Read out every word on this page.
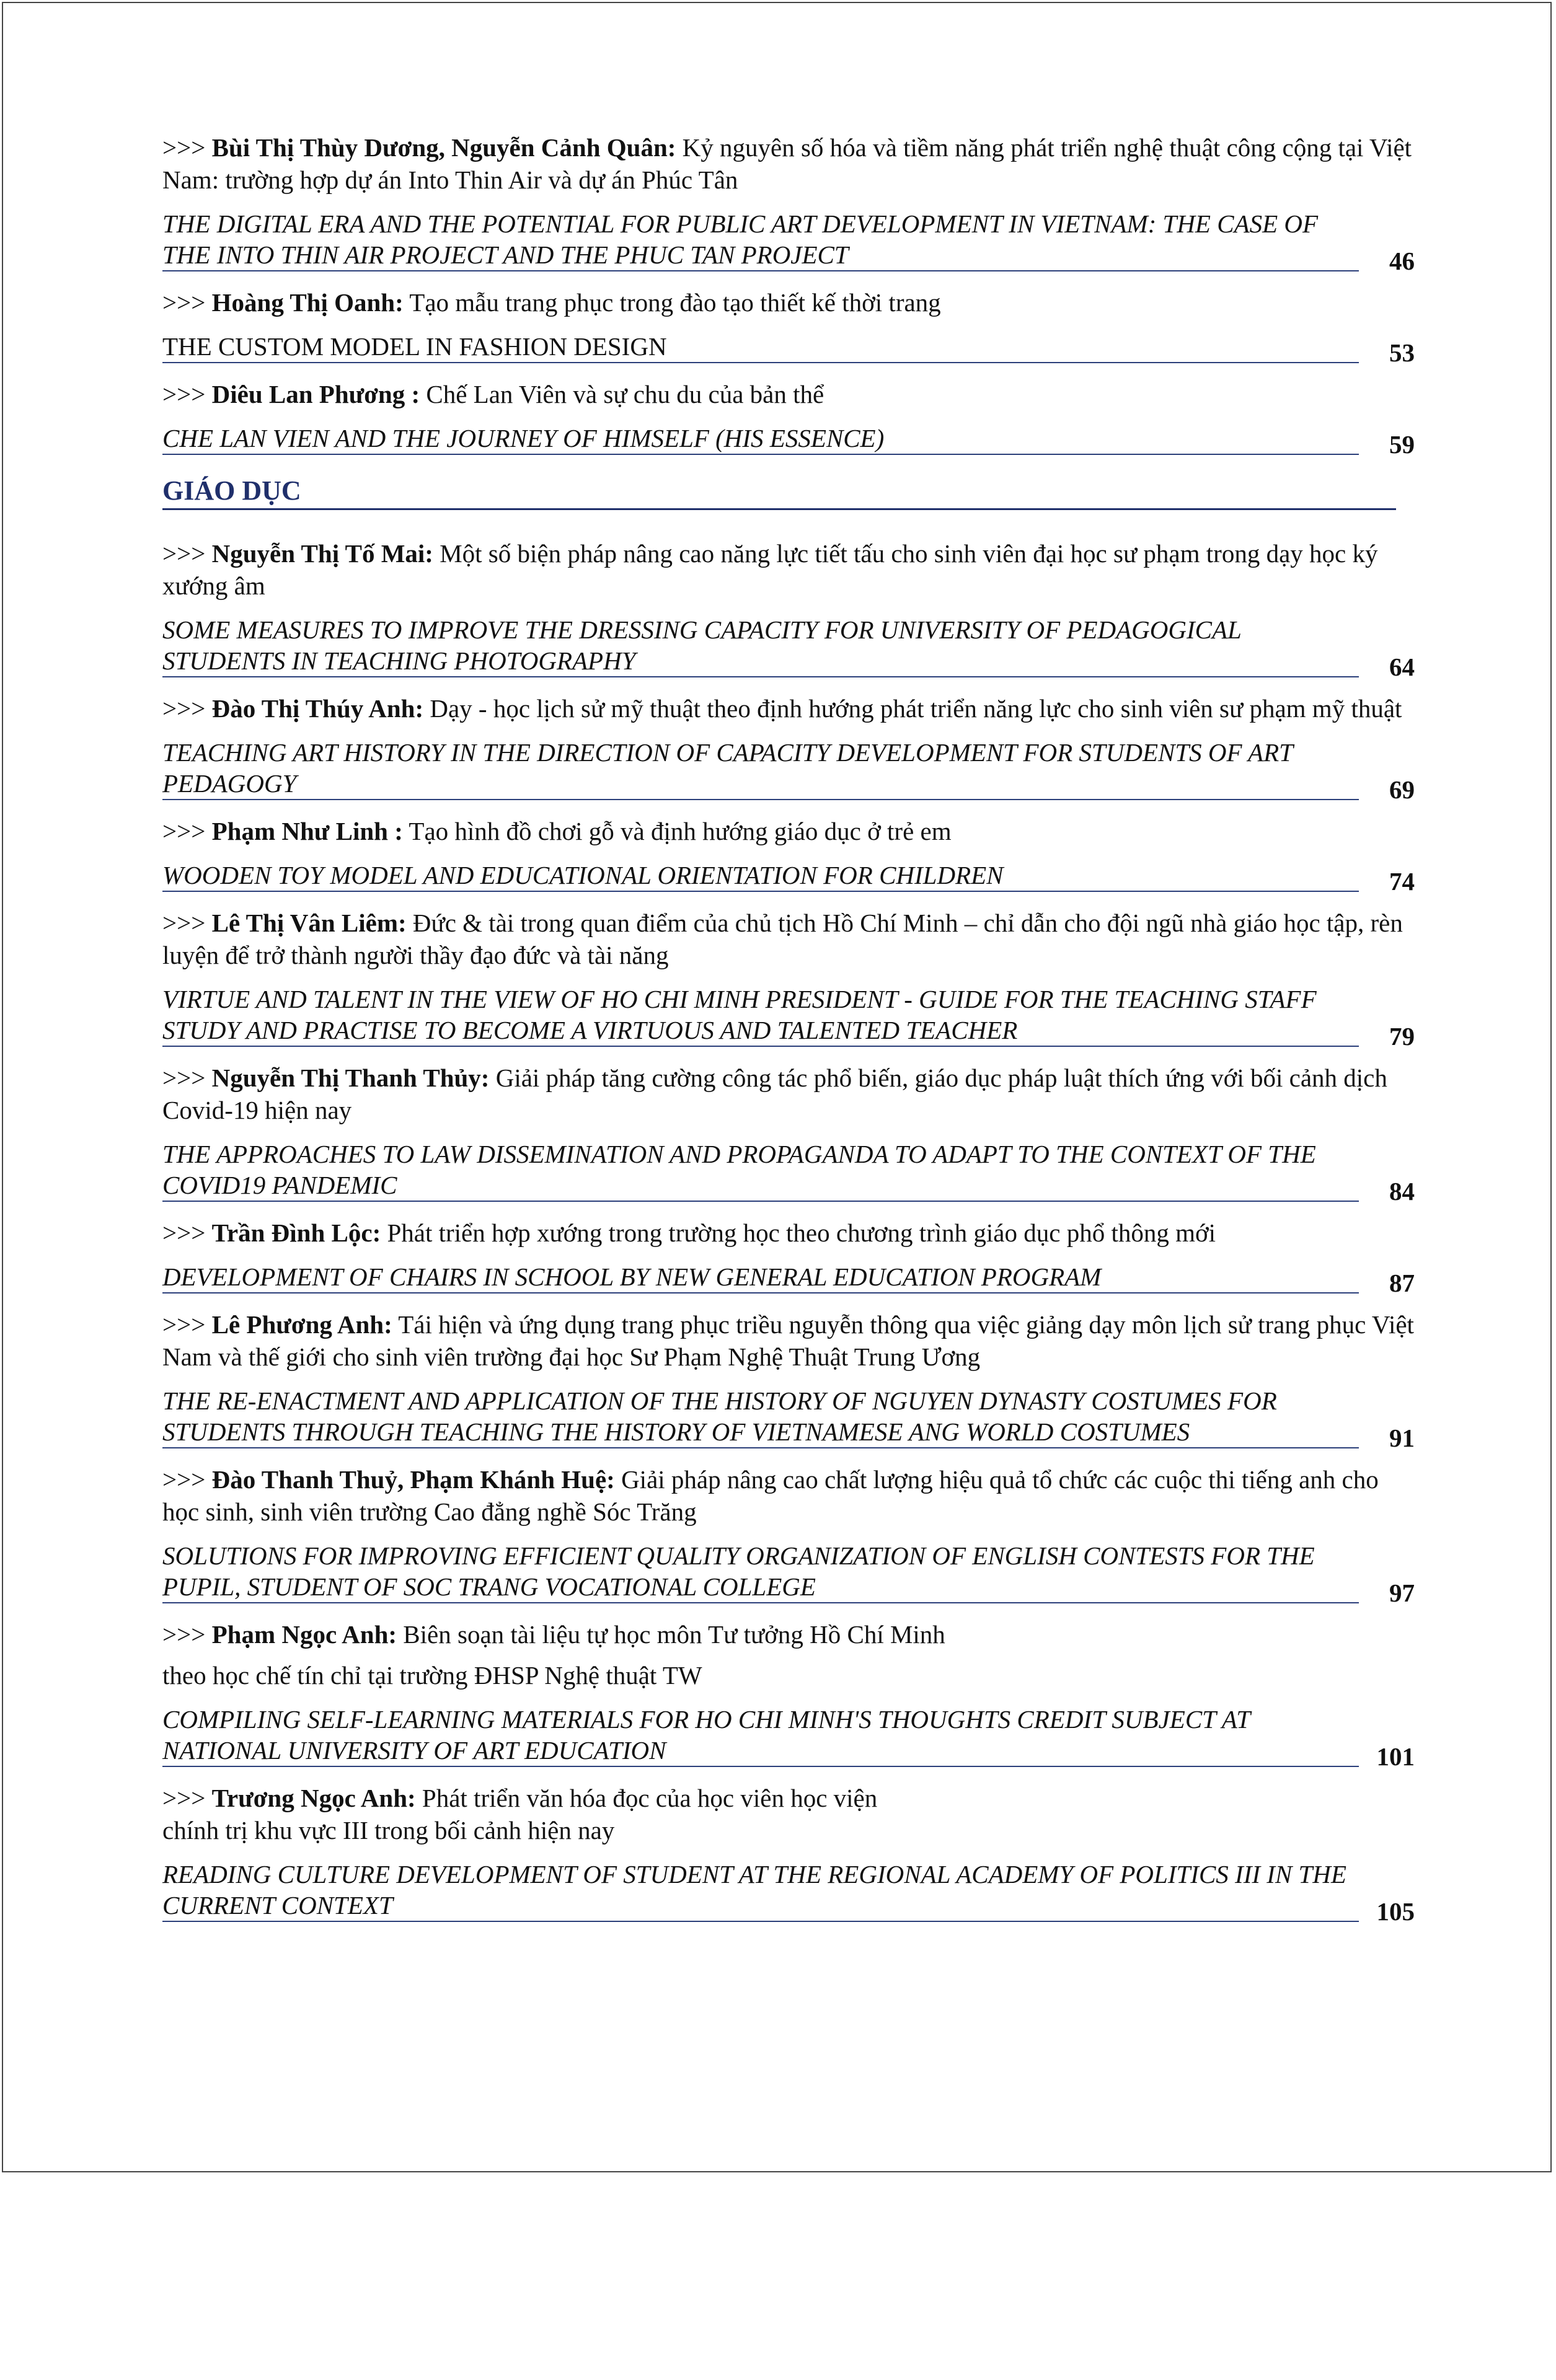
>>> Bùi Thị Thùy Dương, Nguyễn Cảnh Quân: Kỷ nguyên số hóa và tiềm năng phát triển nghệ thuật công cộng tại Việt Nam: trường hợp dự án Into Thin Air và dự án Phúc Tân

THE DIGITAL ERA AND THE POTENTIAL FOR PUBLIC ART DEVELOPMENT IN VIETNAM: THE CASE OF THE INTO THIN AIR PROJECT AND THE PHUC TAN PROJECT	46

>>> Hoàng Thị Oanh: Tạo mẫu trang phục trong đào tạo thiết kế thời trang

THE CUSTOM MODEL IN FASHION DESIGN	53

>>> Diêu Lan Phương : Chế Lan Viên và sự chu du của bản thể

CHE LAN VIEN AND THE JOURNEY OF HIMSELF (HIS ESSENCE)	59
GIÁO DỤC

>>> Nguyễn Thị Tố Mai: Một số biện pháp nâng cao năng lực tiết tấu cho sinh viên đại học sư phạm trong dạy học ký xướng âm

SOME MEASURES TO IMPROVE THE DRESSING CAPACITY FOR UNIVERSITY OF PEDAGOGICAL STUDENTS IN TEACHING PHOTOGRAPHY	64

>>> Đào Thị Thúy Anh: Dạy - học lịch sử mỹ thuật theo định hướng phát triển năng lực cho sinh viên sư phạm mỹ thuật

TEACHING ART HISTORY IN THE DIRECTION OF CAPACITY DEVELOPMENT FOR STUDENTS OF ART PEDAGOGY	69

>>> Phạm Như Linh : Tạo hình đồ chơi gỗ và định hướng giáo dục ở trẻ em

WOODEN TOY MODEL AND EDUCATIONAL ORIENTATION FOR CHILDREN	74

>>> Lê Thị Vân Liêm: Đức & tài trong quan điểm của chủ tịch Hồ Chí Minh – chỉ dẫn cho đội ngũ nhà giáo học tập, rèn luyện để trở thành người thầy đạo đức và tài năng

VIRTUE AND TALENT IN THE VIEW OF HO CHI MINH PRESIDENT - GUIDE FOR THE TEACHING STAFF STUDY AND PRACTISE TO BECOME A VIRTUOUS AND TALENTED TEACHER	79

>>> Nguyễn Thị Thanh Thủy: Giải pháp tăng cường công tác phổ biến, giáo dục pháp luật thích ứng với bối cảnh dịch Covid-19 hiện nay

THE APPROACHES TO LAW DISSEMINATION AND PROPAGANDA TO ADAPT TO THE CONTEXT OF THE COVID19 PANDEMIC	84

>>> Trần Đình Lộc: Phát triển hợp xướng trong trường học theo chương trình giáo dục phổ thông mới

DEVELOPMENT OF CHAIRS IN SCHOOL BY NEW GENERAL EDUCATION PROGRAM	87

>>> Lê Phương Anh: Tái hiện và ứng dụng trang phục triều nguyễn thông qua việc giảng dạy môn lịch sử trang phục Việt Nam và thế giới cho sinh viên trường đại học Sư Phạm Nghệ Thuật Trung Ương

THE RE-ENACTMENT AND APPLICATION OF THE HISTORY OF NGUYEN DYNASTY COSTUMES FOR STUDENTS THROUGH TEACHING THE HISTORY OF VIETNAMESE ANG WORLD COSTUMES	91

>>> Đào Thanh Thuỷ, Phạm Khánh Huệ: Giải pháp nâng cao chất lượng hiệu quả tổ chức các cuộc thi tiếng anh cho học sinh, sinh viên trường Cao đẳng nghề Sóc Trăng

SOLUTIONS FOR IMPROVING EFFICIENT QUALITY ORGANIZATION OF ENGLISH CONTESTS FOR THE PUPIL, STUDENT OF SOC TRANG VOCATIONAL COLLEGE	97

>>> Phạm Ngọc Anh: Biên soạn tài liệu tự học môn Tư tưởng Hồ Chí Minh

theo học chế tín chỉ tại trường ĐHSP Nghệ thuật TW

COMPILING SELF-LEARNING MATERIALS FOR HO CHI MINH'S THOUGHTS CREDIT SUBJECT AT NATIONAL UNIVERSITY OF ART EDUCATION	101

>>> Trương Ngọc Anh: Phát triển văn hóa đọc của học viên học viện

chính trị khu vực III trong bối cảnh hiện nay

READING CULTURE DEVELOPMENT OF STUDENT AT THE REGIONAL ACADEMY OF POLITICS III IN THE CURRENT CONTEXT	105
